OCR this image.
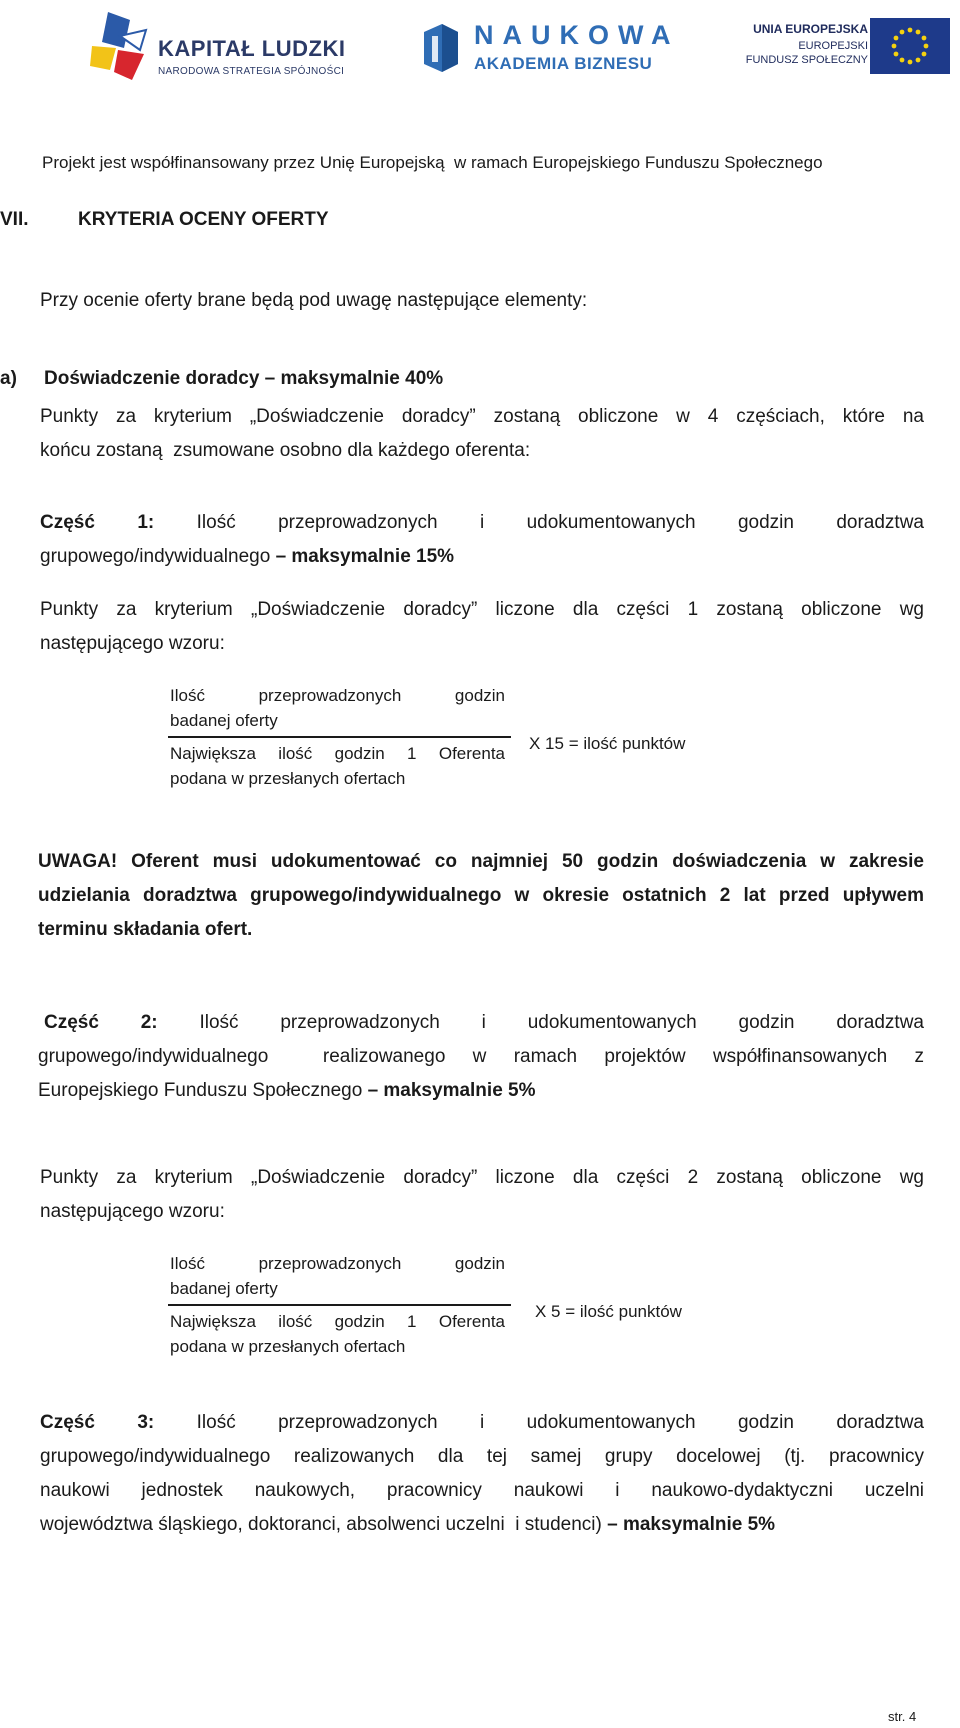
KAPITAŁ LUDZKI
NARODOWA STRATEGIA SPÓJNOŚCI
NAUKOWA
AKADEMIA BIZNESU
UNIA EUROPEJSKA
EUROPEJSKI
FUNDUSZ SPOŁECZNY
Projekt jest współfinansowany przez Unię Europejską  w ramach Europejskiego Funduszu Społecznego
VII.	KRYTERIA OCENY OFERTY
Przy ocenie oferty brane będą pod uwagę następujące elementy:
a) Doświadczenie doradcy – maksymalnie 40%
Punkty za kryterium „Doświadczenie doradcy” zostaną obliczone w 4 częściach, które na
końcu zostaną  zsumowane osobno dla każdego oferenta:
Część 1: Ilość przeprowadzonych i udokumentowanych godzin doradztwa
grupowego/indywidualnego – maksymalnie 15%
Punkty za kryterium „Doświadczenie doradcy” liczone dla części 1 zostaną obliczone wg
następującego wzoru:
Ilość przeprowadzonych godzin
badanej oferty
Największa ilość godzin 1 Oferenta
podana w przesłanych ofertach
X 15 = ilość punktów
UWAGA! Oferent musi udokumentować co najmniej 50 godzin doświadczenia w zakresie
udzielania doradztwa grupowego/indywidualnego w okresie ostatnich 2 lat przed upływem
terminu składania ofert.
Część 2: Ilość przeprowadzonych i udokumentowanych godzin doradztwa
grupowego/indywidualnego  realizowanego w ramach projektów współfinansowanych z
Europejskiego Funduszu Społecznego – maksymalnie 5%
Punkty za kryterium „Doświadczenie doradcy” liczone dla części 2 zostaną obliczone wg
następującego wzoru:
Ilość przeprowadzonych godzin
badanej oferty
Największa ilość godzin 1 Oferenta
podana w przesłanych ofertach
X 5 = ilość punktów
Część 3: Ilość przeprowadzonych i udokumentowanych godzin doradztwa
grupowego/indywidualnego realizowanych dla tej samej grupy docelowej (tj. pracownicy
naukowi jednostek naukowych, pracownicy naukowi i naukowo-dydaktyczni uczelni
województwa śląskiego, doktoranci, absolwenci uczelni  i studenci) – maksymalnie 5%
str. 4
